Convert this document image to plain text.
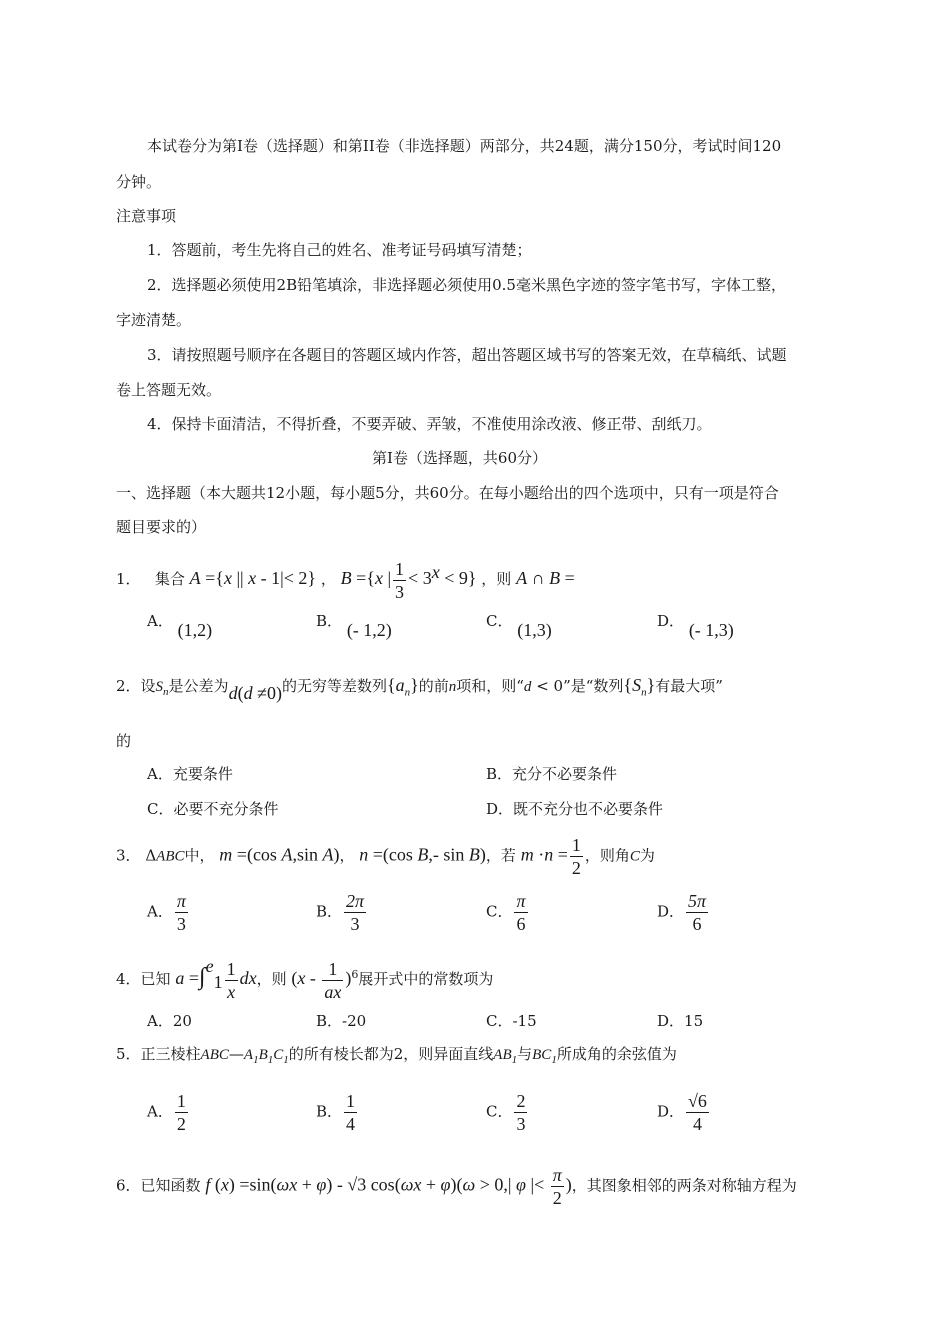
本试卷分为第Ⅰ卷（选择题）和第II卷（非选择题）两部分，共24题，满分150分，考试时间120
分钟。
注意事项
1．答题前，考生先将自己的姓名、准考证号码填写清楚；
2．选择题必须使用2B铅笔填涂，非选择题必须使用0.5毫米黑色字迹的签字笔书写，字体工整，
字迹清楚。
3．请按照题号顺序在各题目的答题区域内作答，超出答题区域书写的答案无效，在草稿纸、试题
卷上答题无效。
4．保持卡面清洁，不得折叠，不要弄破、弄皱，不准使用涂改液、修正带、刮纸刀。
第Ⅰ卷（选择题，共60分）
一、选择题（本大题共12小题，每小题5分，共60分。在每小题给出的四个选项中，只有一项是符合
题目要求的）
1． 集合 A ={x || x - 1|< 2} ， B ={x | $\frac{1}{3} < 3^x < 9$} ，则 A ∩ B =
A． (1,2)	B． (- 1,2)	C． (1,3)	D． (- 1,3)
2．设$S_n$是公差为d(d ≠0)的无穷等差数列$\{a_n\}$的前n项和，则“d < 0”是“数列$\{S_n\}$有最大项”
的
A．充要条件	B．充分不必要条件
C．必要不充分条件	D．既不充分也不必要条件
3． ΔABC中， m =(cos A,sin A)， n =(cos B,- sin B)，若 $m \cdot n = \frac{1}{2}$ ，则角C为
A． $\frac{\pi}{3}$	B． $\frac{2\pi}{3}$	C． $\frac{\pi}{6}$	D． $\frac{5\pi}{6}$
4．已知 $a =\int^e_1 \frac{1}{x}$ dx，则 $(x - \frac{1}{ax} )^6$展开式中的常数项为
A．20	B．-20	C．-15	D．15
5．正三棱柱$ABC—A_1B_1C_1$的所有棱长都为2，则异面直线$AB_1$与$BC_1$所成角的余弦值为
A． $\frac{1}{2}$	B． $\frac{1}{4}$	C． $\frac{2}{3}$	D． $\frac{√6}{4}$
6．已知函数 f (x) =sin(ωx + φ) - √3 cos(ωx + φ)(ω > 0,| φ |< $\frac{\pi}{2}$ )，其图象相邻的两条对称轴方程为
